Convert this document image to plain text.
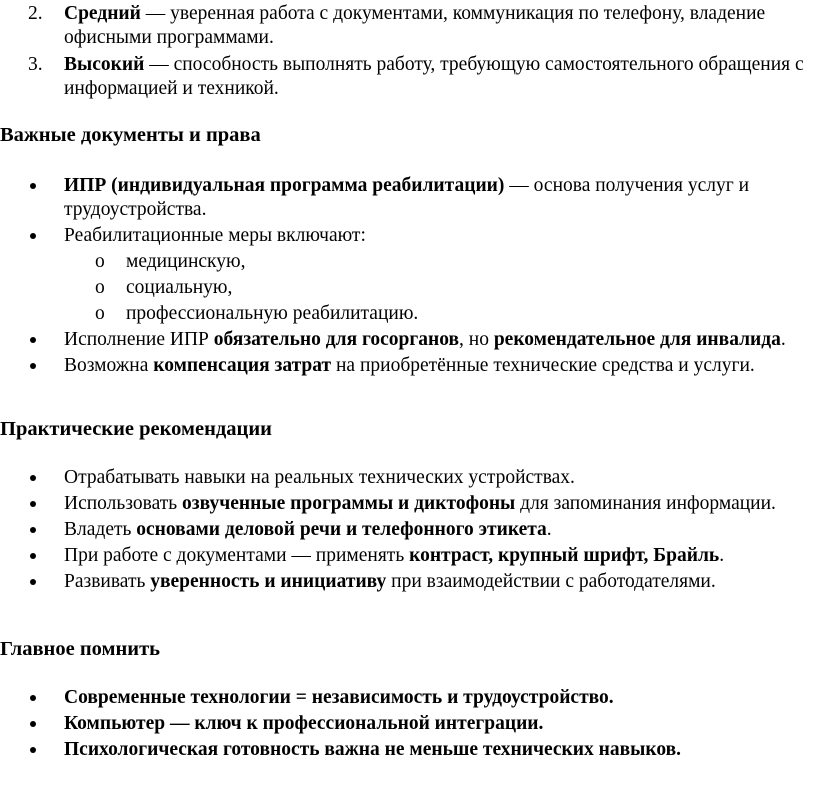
2. Средний — уверенная работа с документами, коммуникация по телефону, владение офисными программами.
3. Высокий — способность выполнять работу, требующую самостоятельного обращения с информацией и техникой.
Важные документы и права
ИПР (индивидуальная программа реабилитации) — основа получения услуг и трудоустройства.
Реабилитационные меры включают:
o медицинскую,
o социальную,
o профессиональную реабилитацию.
Исполнение ИПР обязательно для госорганов, но рекомендательное для инвалида.
Возможна компенсация затрат на приобретённые технические средства и услуги.
Практические рекомендации
Отрабатывать навыки на реальных технических устройствах.
Использовать озвученные программы и диктофоны для запоминания информации.
Владеть основами деловой речи и телефонного этикета.
При работе с документами — применять контраст, крупный шрифт, Брайль.
Развивать уверенность и инициативу при взаимодействии с работодателями.
Главное помнить
Современные технологии = независимость и трудоустройство.
Компьютер — ключ к профессиональной интеграции.
Психологическая готовность важна не меньше технических навыков.
